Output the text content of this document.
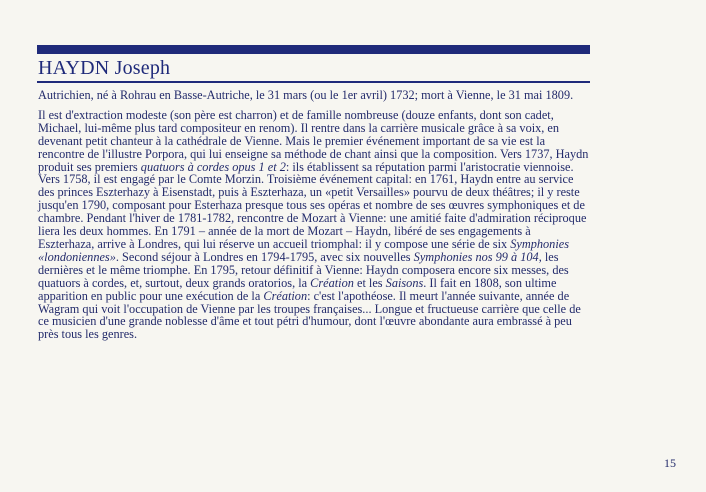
HAYDN Joseph

Autrichien, né à Rohrau en Basse-Autriche, le 31 mars (ou le 1er avril) 1732; mort à Vienne, le 31 mai 1809.

Il est d'extraction modeste (son père est charron) et de famille nombreuse (douze enfants, dont son cadet, Michael, lui-même plus tard compositeur en renom). Il rentre dans la carrière musicale grâce à sa voix, en devenant petit chanteur à la cathédrale de Vienne. Mais le premier événement important de sa vie est la rencontre de l'illustre Porpora, qui lui enseigne sa méthode de chant ainsi que la composition. Vers 1737, Haydn produit ses premiers quatuors à cordes opus 1 et 2: ils établissent sa réputation parmi l'aristocratie viennoise. Vers 1758, il est engagé par le Comte Morzin. Troisième événement capital: en 1761, Haydn entre au service des princes Eszterhazy à Eisenstadt, puis à Eszterhaza, un «petit Versailles» pourvu de deux théâtres; il y reste jusqu'en 1790, composant pour Esterhaza presque tous ses opéras et nombre de ses œuvres symphoniques et de chambre. Pendant l'hiver de 1781-1782, rencontre de Mozart à Vienne: une amitié faite d'admiration réciproque liera les deux hommes. En 1791 – année de la mort de Mozart – Haydn, libéré de ses engagements à Eszterhaza, arrive à Londres, qui lui réserve un accueil triomphal: il y compose une série de six Symphonies «londoniennes». Second séjour à Londres en 1794-1795, avec six nouvelles Symphonies nos 99 à 104, les dernières et le même triomphe. En 1795, retour définitif à Vienne: Haydn composera encore six messes, des quatuors à cordes, et, surtout, deux grands oratorios, la Création et les Saisons. Il fait en 1808, son ultime apparition en public pour une exécution de la Création: c'est l'apothéose. Il meurt l'année suivante, année de Wagram qui voit l'occupation de Vienne par les troupes françaises... Longue et fructueuse carrière que celle de ce musicien d'une grande noblesse d'âme et tout pétri d'humour, dont l'œuvre abondante aura embrassé à peu près tous les genres.

15
